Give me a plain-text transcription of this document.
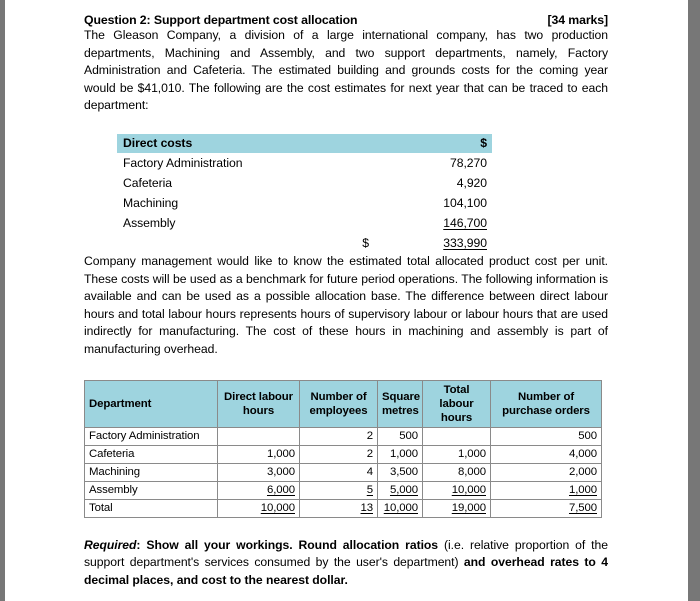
Question 2: Support department cost allocation	[34 marks]

The Gleason Company, a division of a large international company, has two production departments, Machining and Assembly, and two support departments, namely, Factory Administration and Cafeteria. The estimated building and grounds costs for the coming year would be $41,010. The following are the cost estimates for next year that can be traced to each department:

Direct costs	$	
Factory Administration		78,270
Cafeteria		4,920
Machining		104,100
Assembly		146,700
	$	333,990

Company management would like to know the estimated total allocated product cost per unit. These costs will be used as a benchmark for future period operations. The following information is available and can be used as a possible allocation base. The difference between direct labour hours and total labour hours represents hours of supervisory labour or labour hours that are used indirectly for manufacturing. The cost of these hours in machining and assembly is part of manufacturing overhead.

Department	Direct labour hours	Number of employees	Square metres	Total labour hours	Number of purchase orders
Factory Administration		2	500		500
Cafeteria	1,000	2	1,000	1,000	4,000
Machining	3,000	4	3,500	8,000	2,000
Assembly	6,000	5	5,000	10,000	1,000
Total	10,000	13	10,000	19,000	7,500

Required: Show all your workings. Round allocation ratios (i.e. relative proportion of the support department's services consumed by the user's department) and overhead rates to 4 decimal places, and cost to the nearest dollar.
